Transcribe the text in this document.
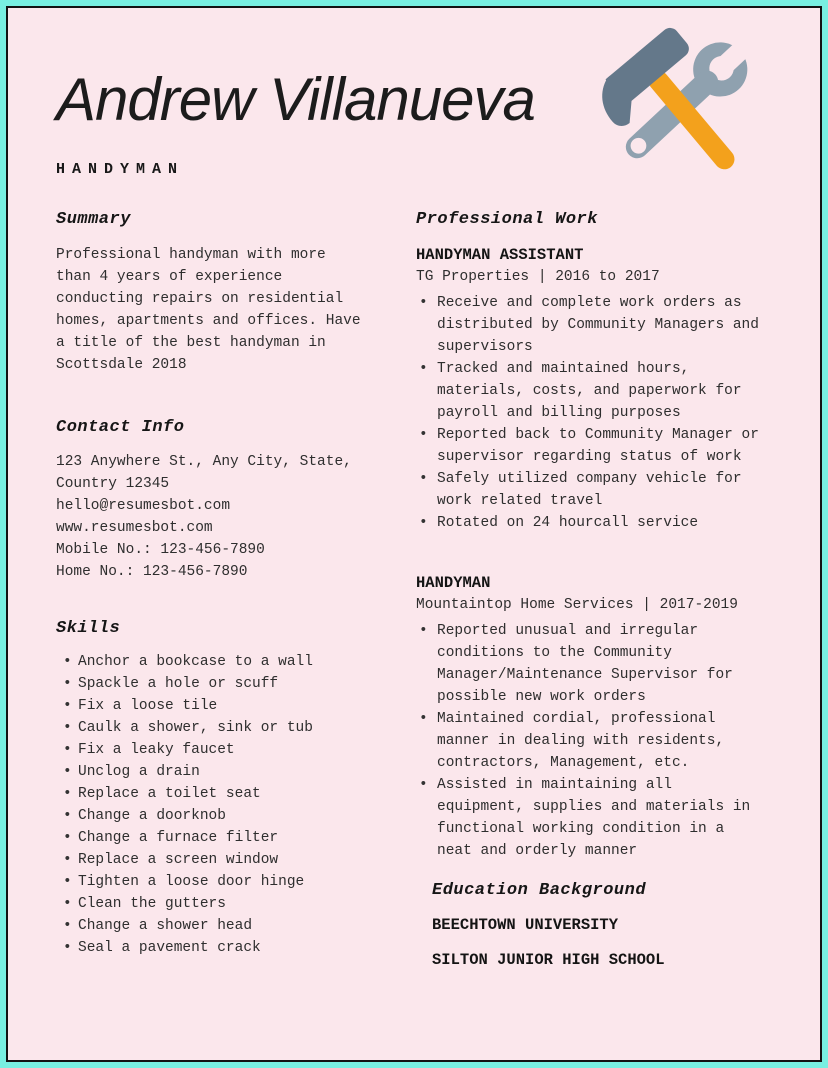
Andrew Villanueva
HANDYMAN
Summary

Professional handyman with more than 4 years of experience conducting repairs on residential homes, apartments and offices. Have a title of the best handyman in Scottsdale 2018

Contact Info
123 Anywhere St., Any City, State,
Country 12345
hello@resumesbot.com
www.resumesbot.com
Mobile No.: 123-456-7890
Home No.: 123-456-7890
Skills
• Anchor a bookcase to a wall
• Spackle a hole or scuff
• Fix a loose tile
• Caulk a shower, sink or tub
• Fix a leaky faucet
• Unclog a drain
• Replace a toilet seat
• Change a doorknob
• Change a furnace filter
• Replace a screen window
• Tighten a loose door hinge
• Clean the gutters
• Change a shower head
• Seal a pavement crack
Professional Work
HANDYMAN ASSISTANT
TG Properties | 2016 to 2017
• Receive and complete work orders as distributed by Community Managers and supervisors
• Tracked and maintained hours, materials, costs, and paperwork for payroll and billing purposes
• Reported back to Community Manager or supervisor regarding status of work
• Safely utilized company vehicle for work related travel
• Rotated on 24 hourcall service
HANDYMAN
Mountaintop Home Services | 2017-2019
• Reported unusual and irregular conditions to the Community Manager/Maintenance Supervisor for possible new work orders
• Maintained cordial, professional manner in dealing with residents, contractors, Management, etc.
• Assisted in maintaining all equipment, supplies and materials in functional working condition in a neat and orderly manner
Education Background
BEECHTOWN UNIVERSITY
SILTON JUNIOR HIGH SCHOOL
